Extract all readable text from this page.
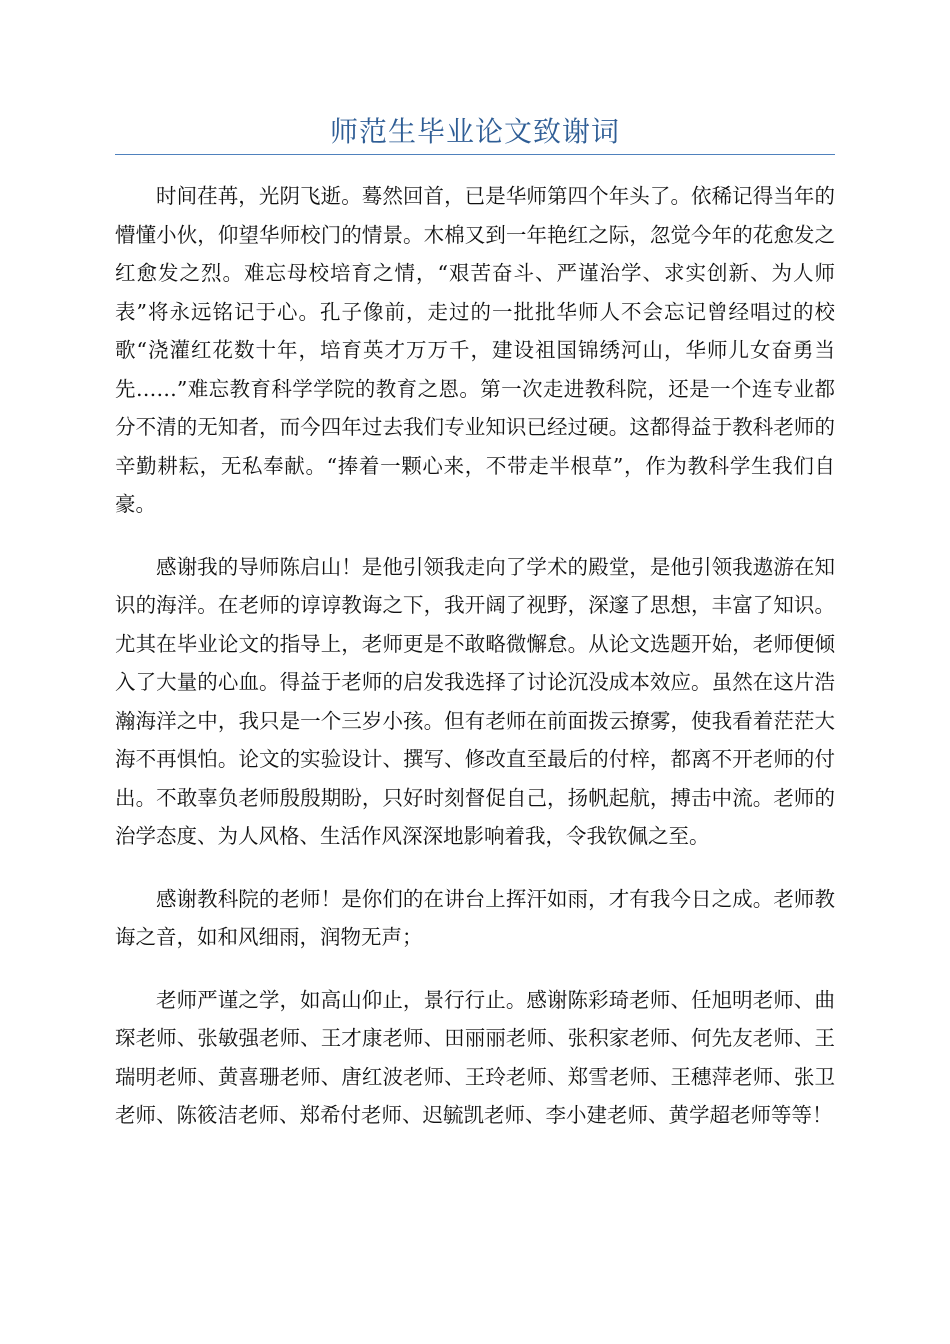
师范生毕业论文致谢词

时间荏苒，光阴飞逝。蓦然回首，已是华师第四个年头了。依稀记得当年的懵懂小伙，仰望华师校门的情景。木棉又到一年艳红之际，忽觉今年的花愈发之红愈发之烈。难忘母校培育之情，“艰苦奋斗、严谨治学、求实创新、为人师表”将永远铭记于心。孔子像前，走过的一批批华师人不会忘记曾经唱过的校歌“浇灌红花数十年，培育英才万万千，建设祖国锦绣河山，华师儿女奋勇当先……”难忘教育科学学院的教育之恩。第一次走进教科院，还是一个连专业都分不清的无知者，而今四年过去我们专业知识已经过硬。这都得益于教科老师的辛勤耕耘，无私奉献。“捧着一颗心来，不带走半根草”，作为教科学生我们自豪。

感谢我的导师陈启山！是他引领我走向了学术的殿堂，是他引领我遨游在知识的海洋。在老师的谆谆教诲之下，我开阔了视野，深邃了思想，丰富了知识。尤其在毕业论文的指导上，老师更是不敢略微懈怠。从论文选题开始，老师便倾入了大量的心血。得益于老师的启发我选择了讨论沉没成本效应。虽然在这片浩瀚海洋之中，我只是一个三岁小孩。但有老师在前面拨云撩雾，使我看着茫茫大海不再惧怕。论文的实验设计、撰写、修改直至最后的付梓，都离不开老师的付出。不敢辜负老师殷殷期盼，只好时刻督促自己，扬帆起航，搏击中流。老师的治学态度、为人风格、生活作风深深地影响着我，令我钦佩之至。

感谢教科院的老师！是你们的在讲台上挥汗如雨，才有我今日之成。老师教诲之音，如和风细雨，润物无声；

老师严谨之学，如高山仰止，景行行止。感谢陈彩琦老师、任旭明老师、曲琛老师、张敏强老师、王才康老师、田丽丽老师、张积家老师、何先友老师、王瑞明老师、黄喜珊老师、唐红波老师、王玲老师、郑雪老师、王穗萍老师、张卫老师、陈筱洁老师、郑希付老师、迟毓凯老师、李小建老师、黄学超老师等等！
